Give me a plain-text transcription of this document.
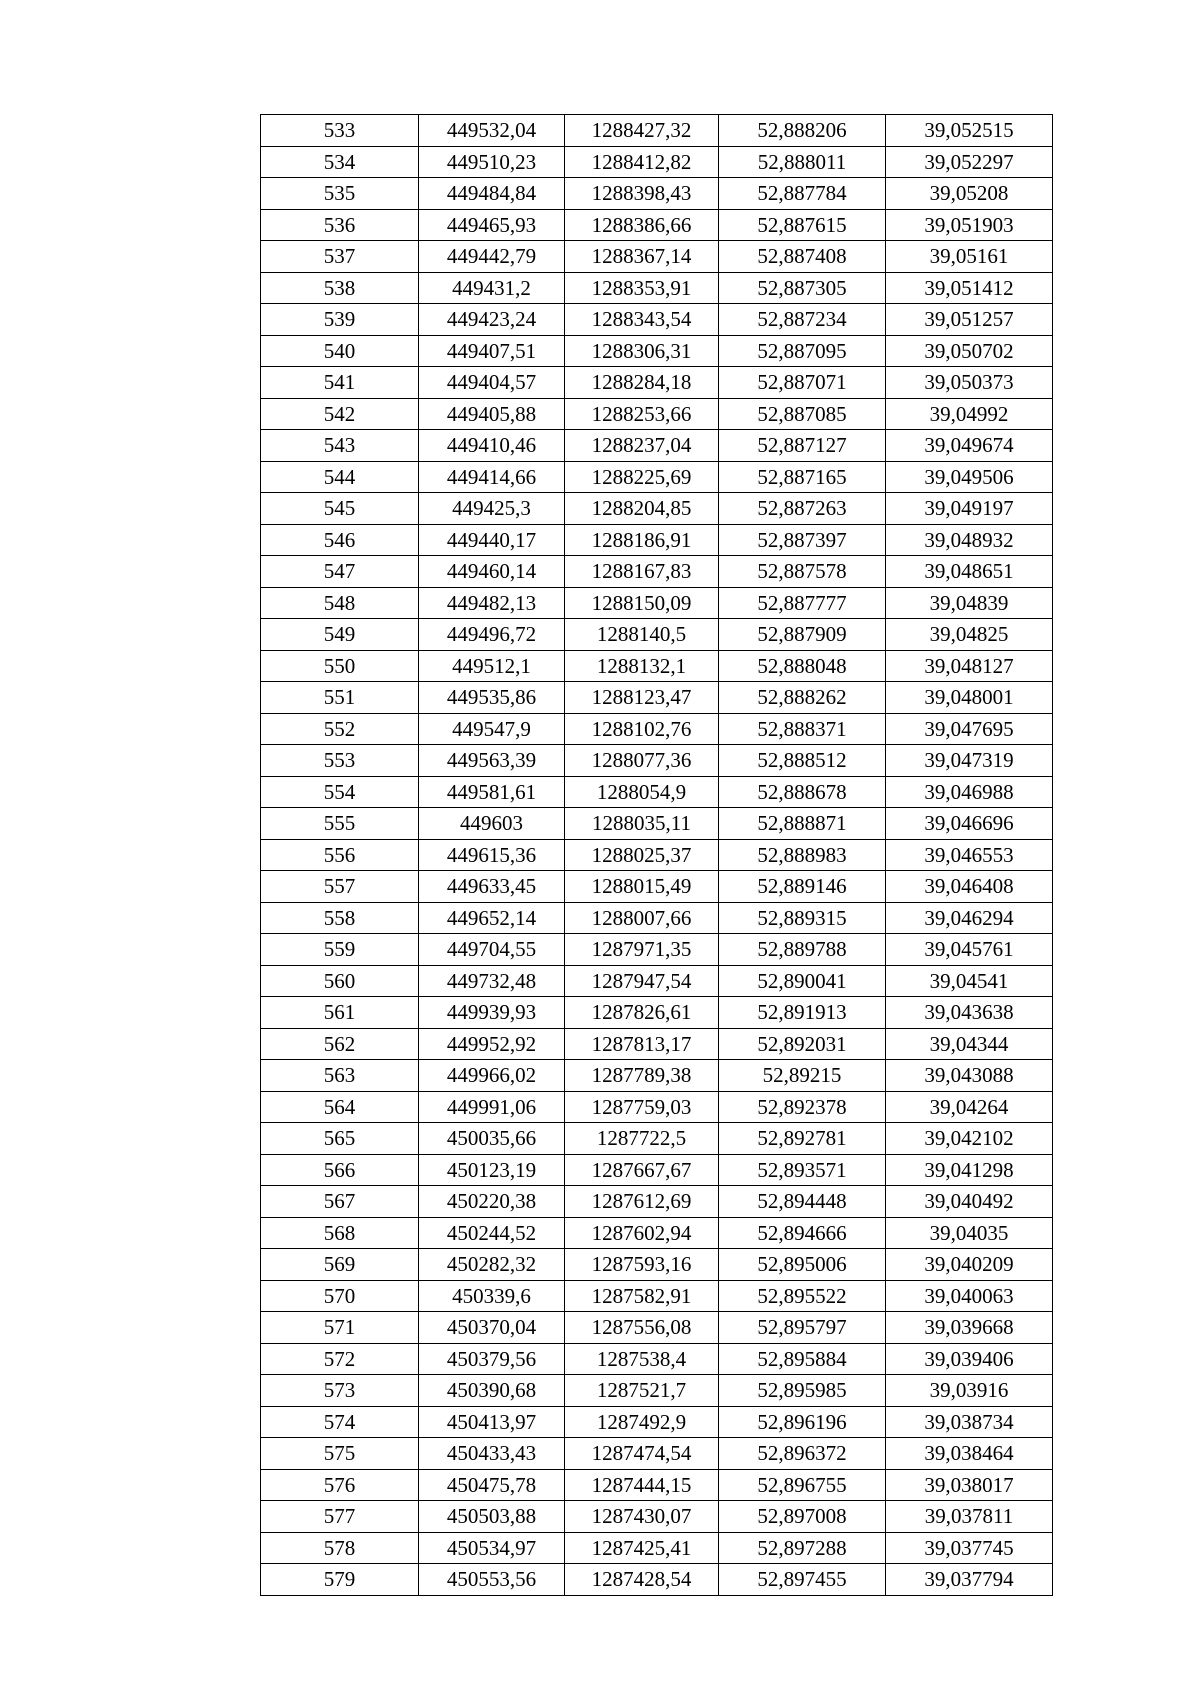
533	449532,04	1288427,32	52,888206	39,052515
534	449510,23	1288412,82	52,888011	39,052297
535	449484,84	1288398,43	52,887784	39,05208
536	449465,93	1288386,66	52,887615	39,051903
537	449442,79	1288367,14	52,887408	39,05161
538	449431,2	1288353,91	52,887305	39,051412
539	449423,24	1288343,54	52,887234	39,051257
540	449407,51	1288306,31	52,887095	39,050702
541	449404,57	1288284,18	52,887071	39,050373
542	449405,88	1288253,66	52,887085	39,04992
543	449410,46	1288237,04	52,887127	39,049674
544	449414,66	1288225,69	52,887165	39,049506
545	449425,3	1288204,85	52,887263	39,049197
546	449440,17	1288186,91	52,887397	39,048932
547	449460,14	1288167,83	52,887578	39,048651
548	449482,13	1288150,09	52,887777	39,04839
549	449496,72	1288140,5	52,887909	39,04825
550	449512,1	1288132,1	52,888048	39,048127
551	449535,86	1288123,47	52,888262	39,048001
552	449547,9	1288102,76	52,888371	39,047695
553	449563,39	1288077,36	52,888512	39,047319
554	449581,61	1288054,9	52,888678	39,046988
555	449603	1288035,11	52,888871	39,046696
556	449615,36	1288025,37	52,888983	39,046553
557	449633,45	1288015,49	52,889146	39,046408
558	449652,14	1288007,66	52,889315	39,046294
559	449704,55	1287971,35	52,889788	39,045761
560	449732,48	1287947,54	52,890041	39,04541
561	449939,93	1287826,61	52,891913	39,043638
562	449952,92	1287813,17	52,892031	39,04344
563	449966,02	1287789,38	52,89215	39,043088
564	449991,06	1287759,03	52,892378	39,04264
565	450035,66	1287722,5	52,892781	39,042102
566	450123,19	1287667,67	52,893571	39,041298
567	450220,38	1287612,69	52,894448	39,040492
568	450244,52	1287602,94	52,894666	39,04035
569	450282,32	1287593,16	52,895006	39,040209
570	450339,6	1287582,91	52,895522	39,040063
571	450370,04	1287556,08	52,895797	39,039668
572	450379,56	1287538,4	52,895884	39,039406
573	450390,68	1287521,7	52,895985	39,03916
574	450413,97	1287492,9	52,896196	39,038734
575	450433,43	1287474,54	52,896372	39,038464
576	450475,78	1287444,15	52,896755	39,038017
577	450503,88	1287430,07	52,897008	39,037811
578	450534,97	1287425,41	52,897288	39,037745
579	450553,56	1287428,54	52,897455	39,037794
